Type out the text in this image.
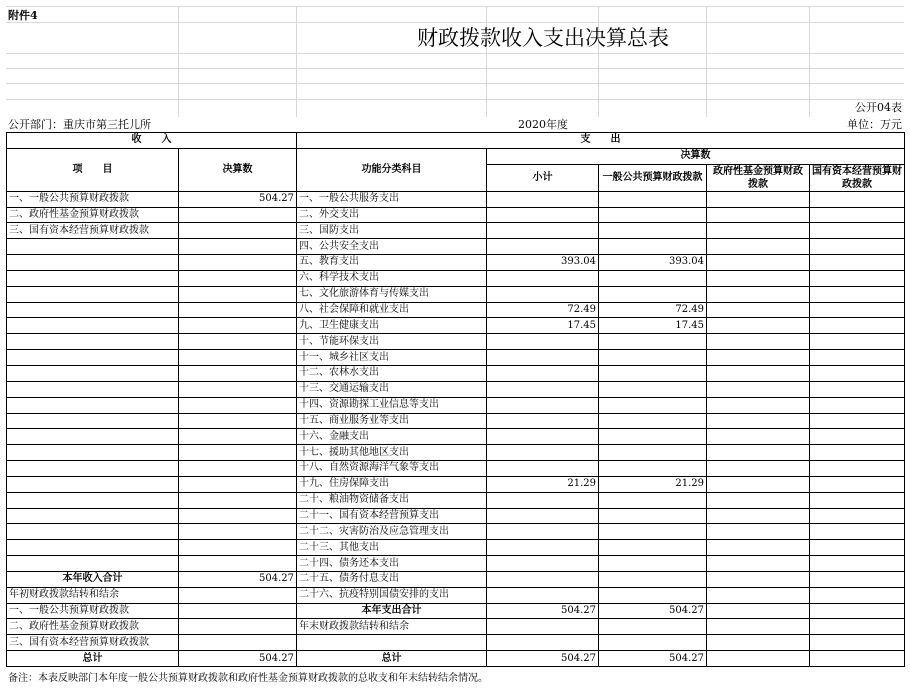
附件4
财政拨款收入支出决算总表
公开04表
公开部门：重庆市第三托儿所	2020年度	单位：万元
收　　入		支　　出				
项　　目	决算数	功能分类科目	决算数			
			小计	一般公共预算财政拨款	政府性基金预算财政拨款	国有资本经营预算财政拨款

一、一般公共预算财政拨款	504.27	一、一般公共服务支出				
二、政府性基金预算财政拨款		二、外交支出				
三、国有资本经营预算财政拨款		三、国防支出				
		四、公共安全支出				
		五、教育支出	393.04	393.04		
		六、科学技术支出				
		七、文化旅游体育与传媒支出				
		八、社会保障和就业支出	72.49	72.49		
		九、卫生健康支出	17.45	17.45		
		十、节能环保支出				
		十一、城乡社区支出				
		十二、农林水支出				
		十三、交通运输支出				
		十四、资源勘探工业信息等支出				
		十五、商业服务业等支出				
		十六、金融支出				
		十七、援助其他地区支出				
		十八、自然资源海洋气象等支出				
		十九、住房保障支出	21.29	21.29		
		二十、粮油物资储备支出				
		二十一、国有资本经营预算支出				
		二十二、灾害防治及应急管理支出				
		二十三、其他支出				
		二十四、债务还本支出				
本年收入合计	504.27	二十五、债务付息支出				
年初财政拨款结转和结余		二十六、抗疫特别国债安排的支出				
一、一般公共预算财政拨款		本年支出合计	504.27	504.27		
二、政府性基金预算财政拨款		年末财政拨款结转和结余				
三、国有资本经营预算财政拨款						
总计	504.27	总计	504.27	504.27		
备注：本表反映部门本年度一般公共预算财政拨款和政府性基金预算财政拨款的总收支和年末结转结余情况。
